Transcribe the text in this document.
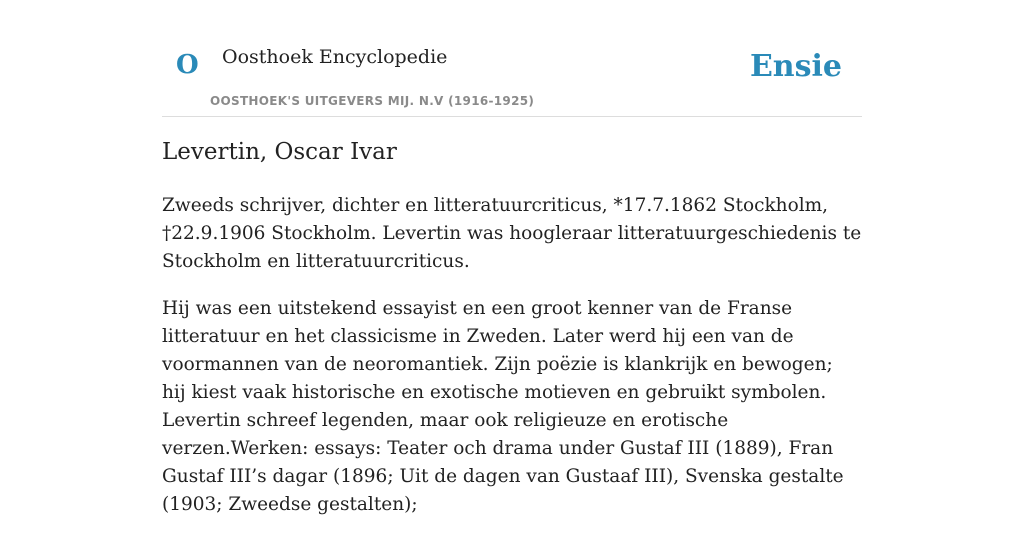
O Oosthoek Encyclopedie
OOSTHOEK'S UITGEVERS MIJ. N.V (1916-1925)
Ensie
Levertin, Oscar Ivar

Zweeds schrijver, dichter en litteratuurcriticus, *17.7.1862 Stockholm, †22.9.1906 Stockholm. Levertin was hoogleraar litteratuurgeschiedenis te Stockholm en litteratuurcriticus.

Hij was een uitstekend essayist en een groot kenner van de Franse litteratuur en het classicisme in Zweden. Later werd hij een van de voormannen van de neoromantiek. Zijn poëzie is klankrijk en bewogen; hij kiest vaak historische en exotische motieven en gebruikt symbolen. Levertin schreef legenden, maar ook religieuze en erotische verzen.Werken: essays: Teater och drama under Gustaf III (1889), Fran Gustaf III’s dagar (1896; Uit de dagen van Gustaaf III), Svenska gestalte (1903; Zweedse gestalten);
